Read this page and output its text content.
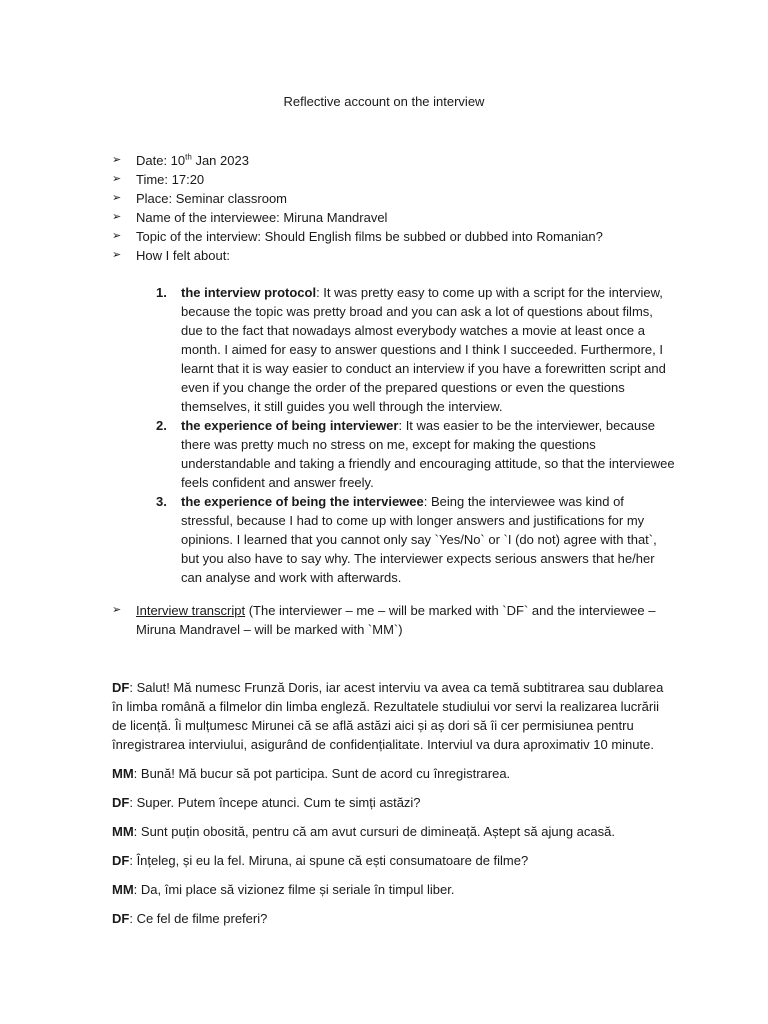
Reflective account on the interview
➢ Date: 10th Jan 2023
➢ Time: 17:20
➢ Place: Seminar classroom
➢ Name of the interviewee: Miruna Mandravel
➢ Topic of the interview: Should English films be subbed or dubbed into Romanian?
➢ How I felt about:
1. the interview protocol: It was pretty easy to come up with a script for the interview, because the topic was pretty broad and you can ask a lot of questions about films, due to the fact that nowadays almost everybody watches a movie at least once a month. I aimed for easy to answer questions and I think I succeeded. Furthermore, I learnt that it is way easier to conduct an interview if you have a forewritten script and even if you change the order of the prepared questions or even the questions themselves, it still guides you well through the interview.
2. the experience of being interviewer: It was easier to be the interviewer, because there was pretty much no stress on me, except for making the questions understandable and taking a friendly and encouraging attitude, so that the interviewee feels confident and answer freely.
3. the experience of being the interviewee: Being the interviewee was kind of stressful, because I had to come up with longer answers and justifications for my opinions. I learned that you cannot only say `Yes/No` or `I (do not) agree with that`, but you also have to say why. The interviewer expects serious answers that he/her can analyse and work with afterwards.
➢ Interview transcript (The interviewer – me – will be marked with `DF` and the interviewee – Miruna Mandravel – will be marked with `MM`)

DF: Salut! Mă numesc Frunză Doris, iar acest interviu va avea ca temă subtitrarea sau dublarea în limba română a filmelor din limba engleză. Rezultatele studiului vor servi la realizarea lucrării de licență. Îi mulțumesc Mirunei că se află astăzi aici și aș dori să îi cer permisiunea pentru înregistrarea interviului, asigurând de confidențialitate. Interviul va dura aproximativ 10 minute.

MM: Bună! Mă bucur să pot participa. Sunt de acord cu înregistrarea.

DF: Super. Putem începe atunci. Cum te simți astăzi?

MM: Sunt puțin obosită, pentru că am avut cursuri de dimineață. Aștept să ajung acasă.

DF: Înțeleg, și eu la fel. Miruna, ai spune că ești consumatoare de filme?

MM: Da, îmi place să vizionez filme și seriale în timpul liber.

DF: Ce fel de filme preferi?
